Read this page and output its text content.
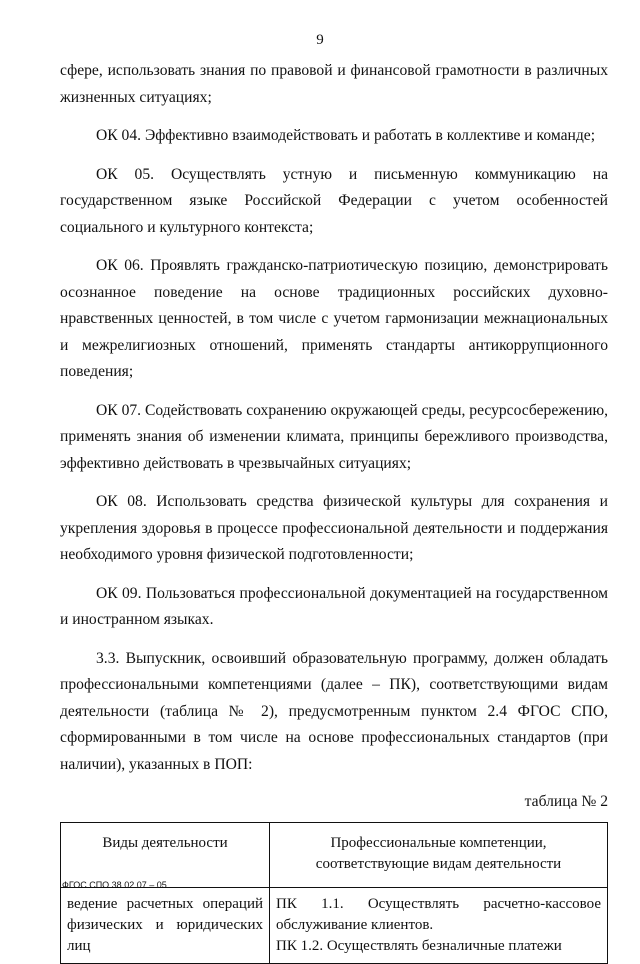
9

сфере, использовать знания по правовой и финансовой грамотности в различных жизненных ситуациях;

ОК 04. Эффективно взаимодействовать и работать в коллективе и команде;

ОК 05. Осуществлять устную и письменную коммуникацию на государственном языке Российской Федерации с учетом особенностей социального и культурного контекста;

ОК 06. Проявлять гражданско-патриотическую позицию, демонстрировать осознанное поведение на основе традиционных российских духовно-нравственных ценностей, в том числе с учетом гармонизации межнациональных и межрелигиозных отношений, применять стандарты антикоррупционного поведения;

ОК 07. Содействовать сохранению окружающей среды, ресурсосбережению, применять знания об изменении климата, принципы бережливого производства, эффективно действовать в чрезвычайных ситуациях;

ОК 08. Использовать средства физической культуры для сохранения и укрепления здоровья в процессе профессиональной деятельности и поддержания необходимого уровня физической подготовленности;

ОК 09. Пользоваться профессиональной документацией на государственном и иностранном языках.

3.3. Выпускник, освоивший образовательную программу, должен обладать профессиональными компетенциями (далее – ПК), соответствующими видам деятельности (таблица № 2), предусмотренным пунктом 2.4 ФГОС СПО, сформированными в том числе на основе профессиональных стандартов (при наличии), указанных в ПОП:

таблица № 2
Виды деятельности	Профессиональные компетенции, соответствующие видам деятельности

ведение расчетных операций физических и юридических лиц	ПК 1.1. Осуществлять расчетно-кассовое обслуживание клиентов.
ПК 1.2. Осуществлять безналичные платежи
ФГОС СПО 38.02.07 – 05
